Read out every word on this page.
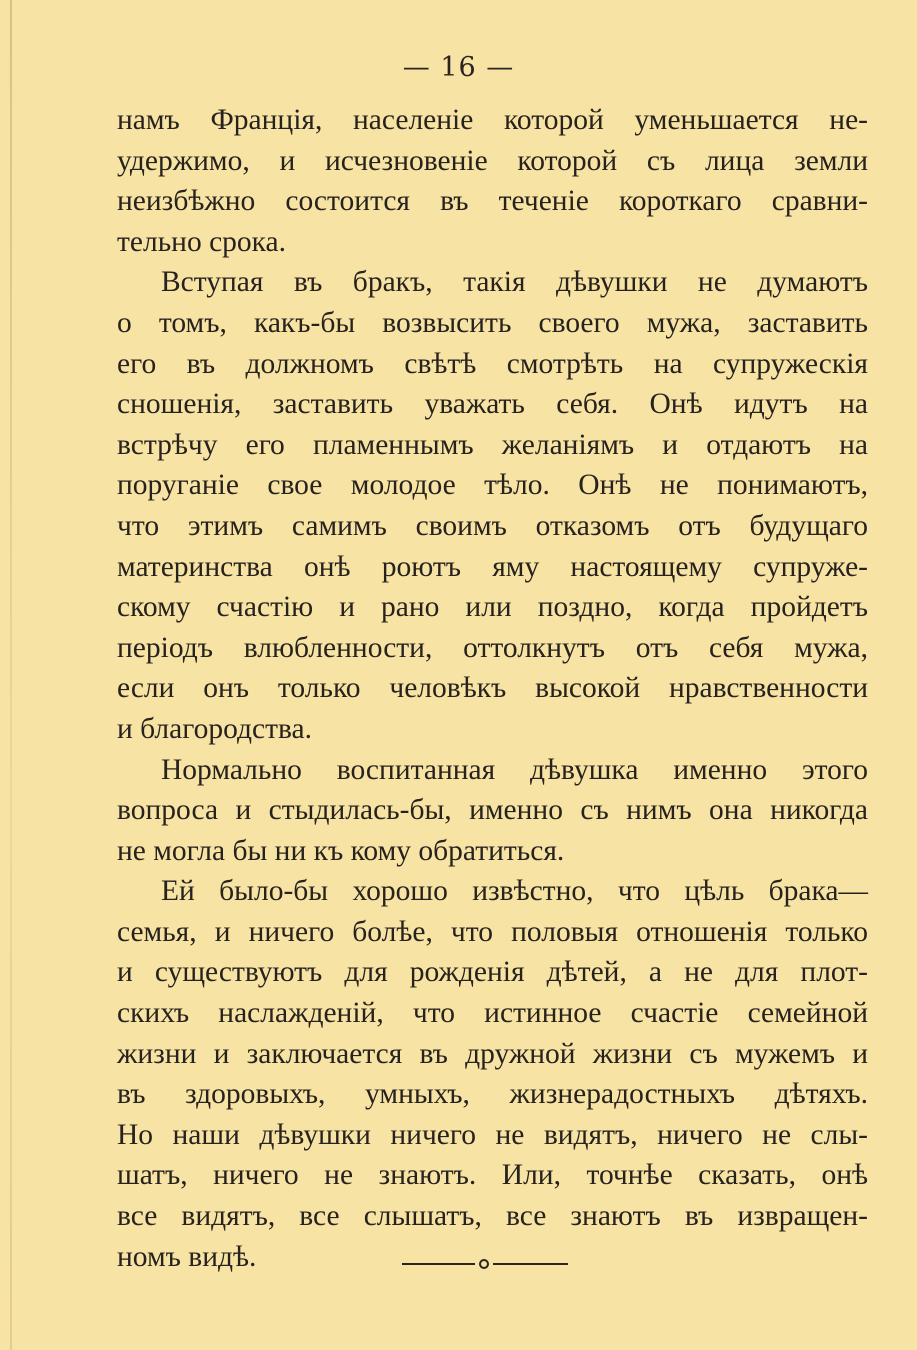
— 16 —
намъ Франція, населеніе которой уменьшается не-
удержимо, и исчезновеніе которой съ лица земли
неизбѣжно состоится въ теченіе короткаго сравни-
тельно срока.
Вступая въ бракъ, такія дѣвушки не думаютъ
о томъ, какъ-бы возвысить своего мужа, заставить
его въ должномъ свѣтѣ смотрѣть на супружескія
сношенія, заставить уважать себя. Онѣ идутъ на
встрѣчу его пламеннымъ желаніямъ и отдаютъ на
поруганіе свое молодое тѣло. Онѣ не понимаютъ,
что этимъ самимъ своимъ отказомъ отъ будущаго
материнства онѣ роютъ яму настоящему супруже-
скому счастію и рано или поздно, когда пройдетъ
періодъ влюбленности, оттолкнутъ отъ себя мужа,
если онъ только человѣкъ высокой нравственности
и благородства.
Нормально воспитанная дѣвушка именно этого
вопроса и стыдилась-бы, именно съ нимъ она никогда
не могла бы ни къ кому обратиться.
Ей было-бы хорошо извѣстно, что цѣль брака—
семья, и ничего болѣе, что половыя отношенія только
и существуютъ для рожденія дѣтей, а не для плот-
скихъ наслажденій, что истинное счастіе семейной
жизни и заключается въ дружной жизни съ мужемъ и
въ здоровыхъ, умныхъ, жизнерадостныхъ дѣтяхъ.
Но наши дѣвушки ничего не видятъ, ничего не слы-
шатъ, ничего не знаютъ. Или, точнѣе сказать, онѣ
все видятъ, все слышатъ, все знаютъ въ извращен-
номъ видѣ.
